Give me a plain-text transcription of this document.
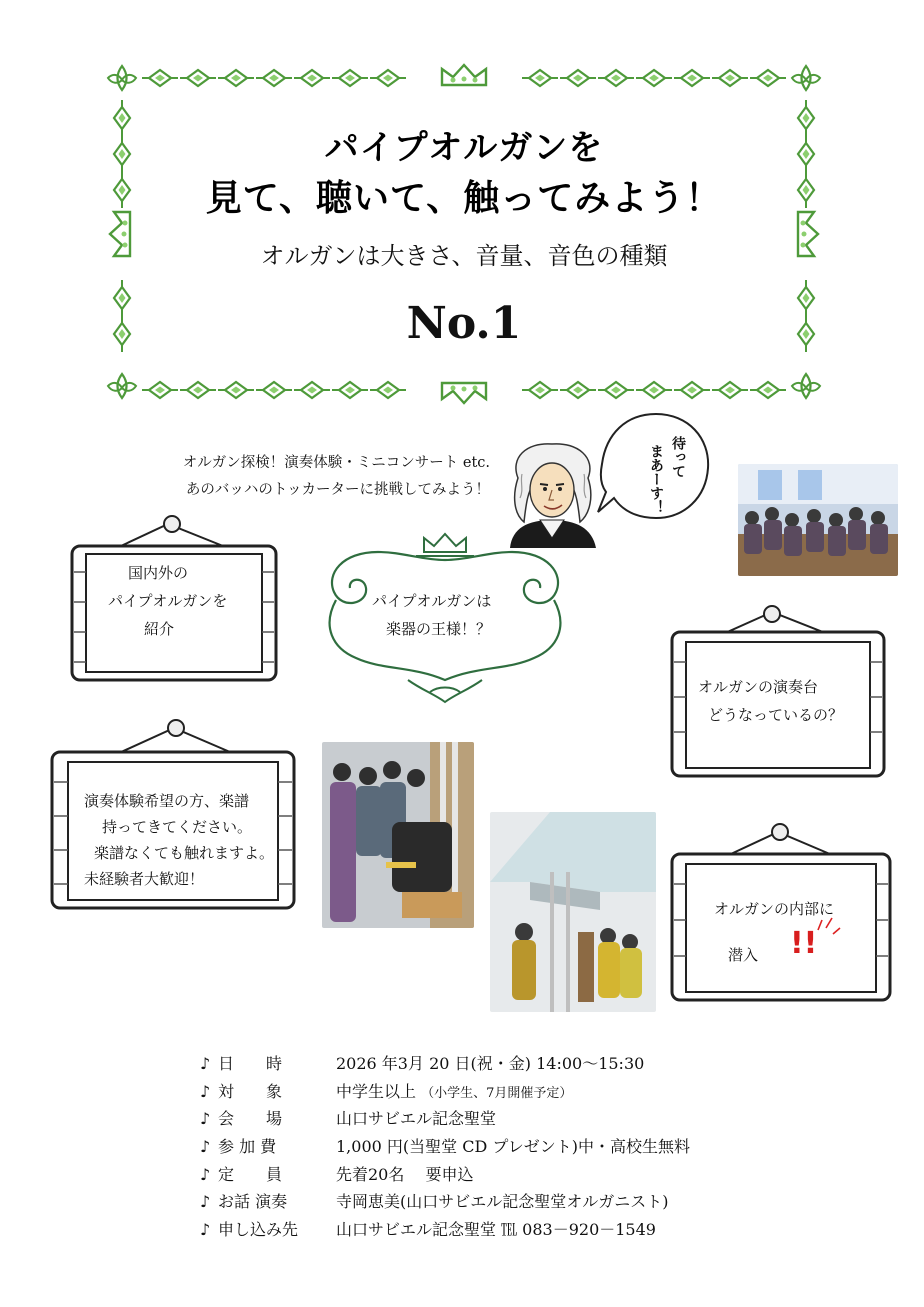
パイプオルガンを
見て、聴いて、触ってみよう！
オルガンは大きさ、音量、音色の種類
No.1
オルガン探検！演奏体験・ミニコンサート etc.
あのバッハのトッカーターに挑戦してみよう！
待って
まあーす！
国内外の
パイプオルガンを
紹介
パイプオルガンは
楽器の王様！？
オルガンの演奏台
どうなっているの？
演奏体験希望の方、楽譜
持ってきてください。
楽譜なくても触れますよ。
未経験者大歓迎！
オルガンの内部に
潜入 !!
♪ 日　　時	2026 年3月 20 日(祝・金) 14:00～15:30
♪ 対　　象	中学生以上 （小学生、7月開催予定）
♪ 会　　場	山口サビエル記念聖堂
♪ 参 加 費	1,000 円(当聖堂 CD プレゼント)中・高校生無料
♪ 定　　員	先着20名　 要申込
♪ お話 演奏	寺岡恵美(山口サビエル記念聖堂オルガニスト)
♪ 申し込み先 山口サビエル記念聖堂 ℡ 083－920－1549
